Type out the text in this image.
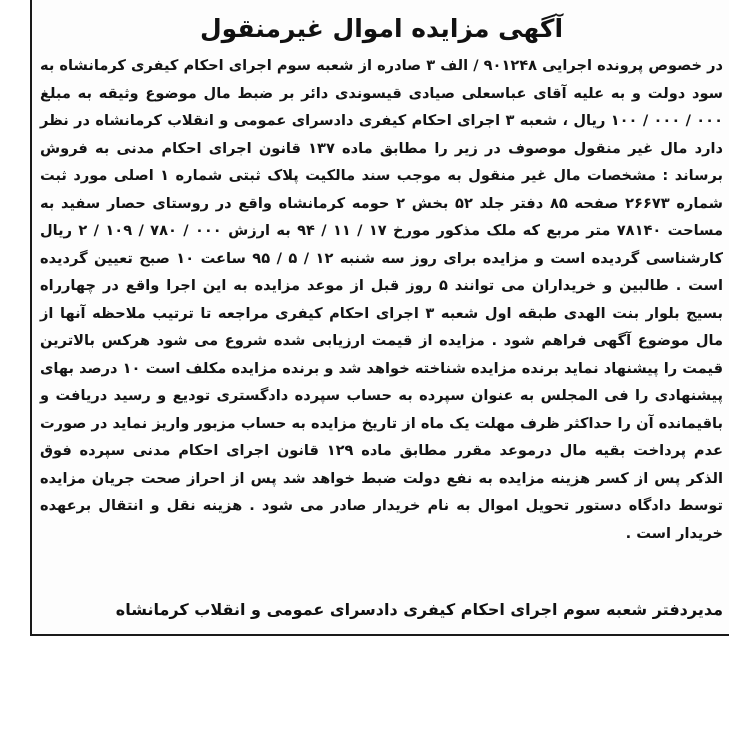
آگهی مزایده اموال غیرمنقول
در خصوص پرونده اجرایی ۹۰۱۲۴۸ / الف ۳ صادره از شعبه سوم اجرای احکام کیفری کرمانشاه به سود دولت و به علیه آقای عباسعلی صیادی قیسوندی دائر بر ضبط مال موضوع وثیقه به مبلغ ۰۰۰ / ۰۰۰ / ۱۰۰ ریال ، شعبه ۳ اجرای احکام کیفری دادسرای عمومی و انقلاب کرمانشاه در نظر دارد مال غیر منقول موصوف در زیر را مطابق ماده ۱۳۷ قانون اجرای احکام مدنی به فروش برساند : مشخصات مال غیر منقول به موجب سند مالکیت پلاک ثبتی شماره ۱ اصلی مورد ثبت شماره ۲۶۶۷۳ صفحه ۸۵ دفتر جلد ۵۲ بخش ۲ حومه کرمانشاه واقع در روستای حصار سفید به مساحت ۷۸۱۴۰ متر مربع که ملک مذکور مورخ ۱۷ / ۱۱ / ۹۴ به ارزش ۰۰۰ / ۷۸۰ / ۱۰۹ / ۲ ریال کارشناسی گردیده است و مزایده برای روز سه شنبه ۱۲ / ۵ / ۹۵ ساعت ۱۰ صبح تعیین گردیده است . طالبین و خریداران می توانند ۵ روز قبل از موعد مزایده به این اجرا واقع در چهارراه بسیج بلوار بنت الهدی طبقه اول شعبه ۳ اجرای احکام کیفری مراجعه تا ترتیب ملاحظه آنها از مال موضوع آگهی فراهم شود . مزایده از قیمت ارزیابی شده شروع می شود هرکس بالاترین قیمت را پیشنهاد نماید برنده مزایده شناخته خواهد شد و برنده مزایده مکلف است ۱۰ درصد بهای پیشنهادی را فی المجلس به عنوان سپرده به حساب سپرده دادگستری تودیع و رسید دریافت و باقیمانده آن را حداکثر ظرف مهلت یک ماه از تاریخ مزایده به حساب مزبور واریز نماید در صورت عدم پرداخت بقیه مال درموعد مقرر مطابق ماده ۱۲۹ قانون اجرای احکام مدنی سپرده فوق الذکر پس از کسر هزینه مزایده به نفع دولت ضبط خواهد شد پس از احراز صحت جریان مزایده توسط دادگاه دستور تحویل اموال به نام خریدار صادر می شود . هزینه نقل و انتقال برعهده خریدار است .
مدیردفتر شعبه سوم اجرای احکام کیفری دادسرای عمومی و انقلاب کرمانشاه
